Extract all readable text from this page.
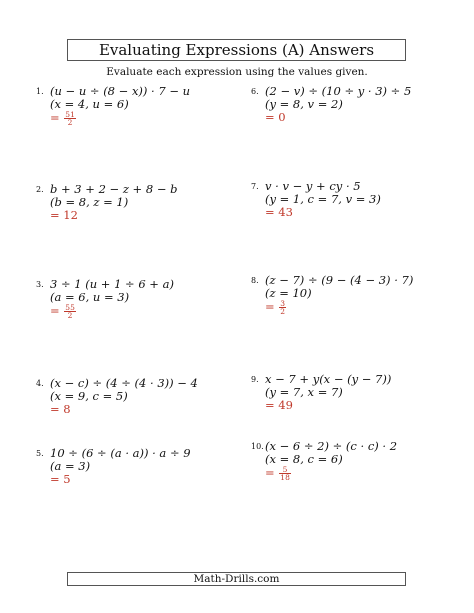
Evaluating Expressions (A) Answers
Evaluate each expression using the values given.
1. (u − u ÷ (8 − x)) · 7 − u
(x = 4, u = 6)
= $\frac{51}{2}$
2. b + 3 + 2 − z + 8 − b
(b = 8, z = 1)
= 12
3. 3 ÷ 1 (u + 1 ÷ 6 + a)
(a = 6, u = 3)
= $\frac{55}{2}$
4. (x − c) ÷ (4 ÷ (4 · 3)) − 4
(x = 9, c = 5)
= 8
5. 10 ÷ (6 ÷ (a · a)) · a ÷ 9
(a = 3)
= 5
6. (2 − v) ÷ (10 ÷ y · 3) ÷ 5
(y = 8, v = 2)
= 0
7. v · v − y + cy · 5
(y = 1, c = 7, v = 3)
= 43
8. (z − 7) ÷ (9 − (4 − 3) · 7)
(z = 10)
= $\frac{3}{2}$
9. x − 7 + y(x − (y − 7))
(y = 7, x = 7)
= 49
10. (x − 6 ÷ 2) ÷ (c · c) · 2
(x = 8, c = 6)
= $\frac{5}{18}$
Math-Drills.com
